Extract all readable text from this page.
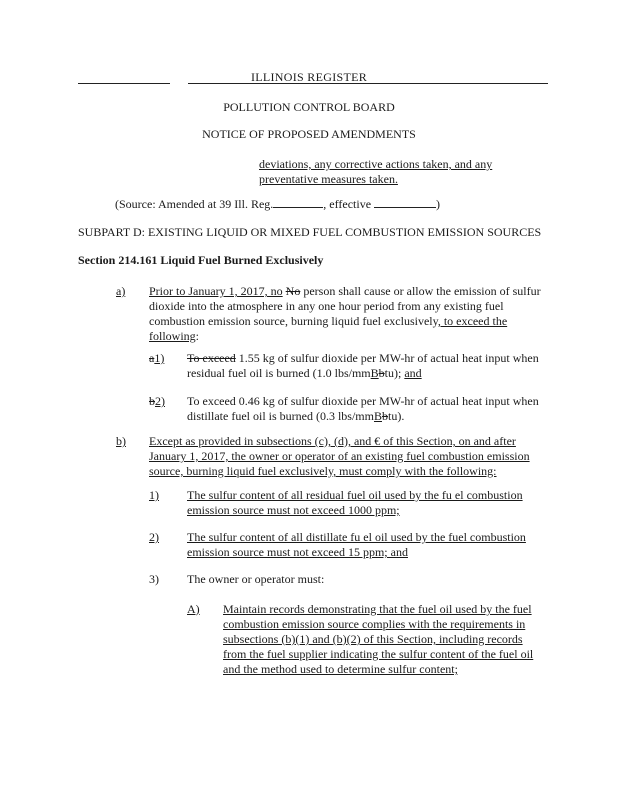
ILLINOIS REGISTER
POLLUTION CONTROL BOARD
NOTICE OF PROPOSED AMENDMENTS
deviations, any corrective actions taken, and any
preventative measures taken.
(Source: Amended at 39 Ill. Reg.	, effective	)
SUBPART D: EXISTING LIQUID OR MIXED FUEL COMBUSTION EMISSION SOURCES
Section 214.161 Liquid Fuel Burned Exclusively
a) Prior to January 1, 2017, no No person shall cause or allow the emission of sulfur
dioxide into the atmosphere in any one hour period from any existing fuel
combustion emission source, burning liquid fuel exclusively, to exceed the
following:
a1) To exceed 1.55 kg of sulfur dioxide per MW-hr of actual heat input when
residual fuel oil is burned (1.0 lbs/mmBbtu); and
b2) To exceed 0.46 kg of sulfur dioxide per MW-hr of actual heat input when
distillate fuel oil is burned (0.3 lbs/mmBbtu).
b) Except as provided in subsections (c), (d), and € of this Section, on and after
January 1, 2017, the owner or operator of an existing fuel combustion emission
source, burning liquid fuel exclusively, must comply with the following:
1) The sulfur content of all residual fuel oil used by the fu el combustion
emission source must not exceed 1000 ppm;
2) The sulfur content of all distillate fu el oil used by the fuel combustion
emission source must not exceed 15 ppm; and
3) The owner or operator must:
A) Maintain records demonstrating that the fuel oil used by the fuel
combustion emission source complies with the requirements in
subsections (b)(1) and (b)(2) of this Section, including records
from the fuel supplier indicating the sulfur content of the fuel oil
and the method used to determine sulfur content;
